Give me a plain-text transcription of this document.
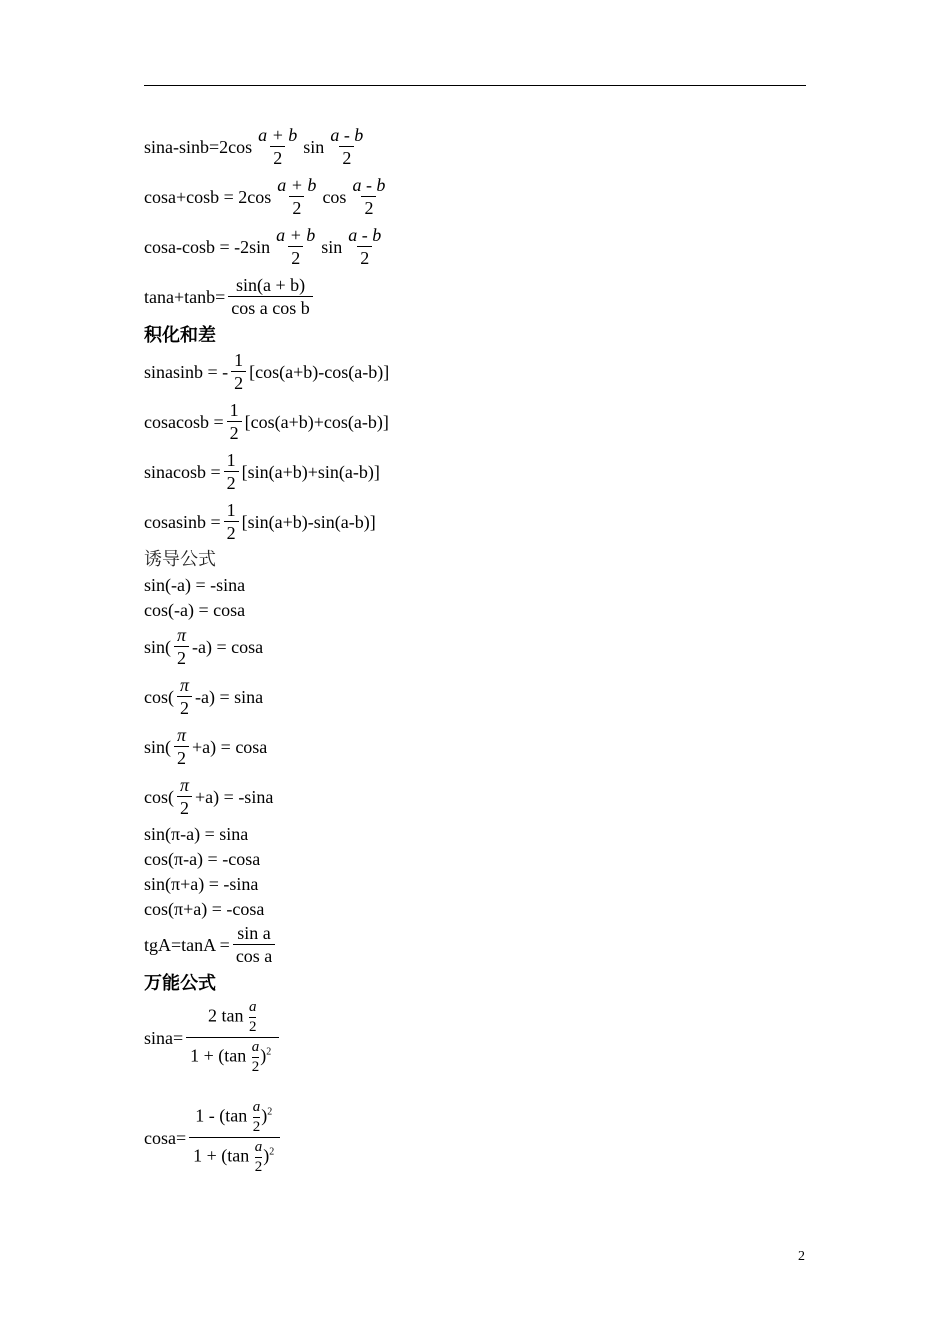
$\sin a-\sin b=2\cos \frac{a + b}{2}$ $\sin \frac{a - b}{2}$
$\cos a+\cos b = 2\cos \frac{a + b}{2}$ $\cos \frac{a - b}{2}$
$\cos a-\cos b = -2\sin \frac{a + b}{2}$ $\sin \frac{a - b}{2}$
$\tan a+\tan b= \frac{\sin(a + b)}{\text{cos a cos b}}$
积化和差
sinasinb = - $\frac{1}{2} [\cos(a+b)-\cos(a-b)]$
cosacosb = $\frac{1}{2} [\cos(a+b)+\cos(a-b)]$
sinacosb = $\frac{1}{2} [\sin(a+b)+\sin(a-b)]$
cosasinb = $\frac{1}{2} [\sin(a+b)-\sin(a-b)]$
诱导公式
sin(-a) = -sina
cos(-a) = cosa
$\sin( \frac{\pi}{2} -a) = \cos a$
$\cos( \frac{\pi}{2} -a) = \sin a$
$\sin( \frac{\pi}{2} +a) = \cos a$
$\cos( \frac{\pi}{2} +a) = -\sin a$
sin(π-a) = sina
cos(π-a) = -cosa
sin(π+a) = -sina
cos(π+a) = -cosa
$tgA=\tan A = \frac{\text{sin a}}{\text{cos a}}$
万能公式
$\sin a= \frac{2 \tan \frac{a}{2}}{1 + (\tan \frac{a}{2} )^2}$
$\cos a= \frac{1 - (\tan \frac{a}{2} )^2}{1 + (\tan \frac{a}{2} )^2}$
2
